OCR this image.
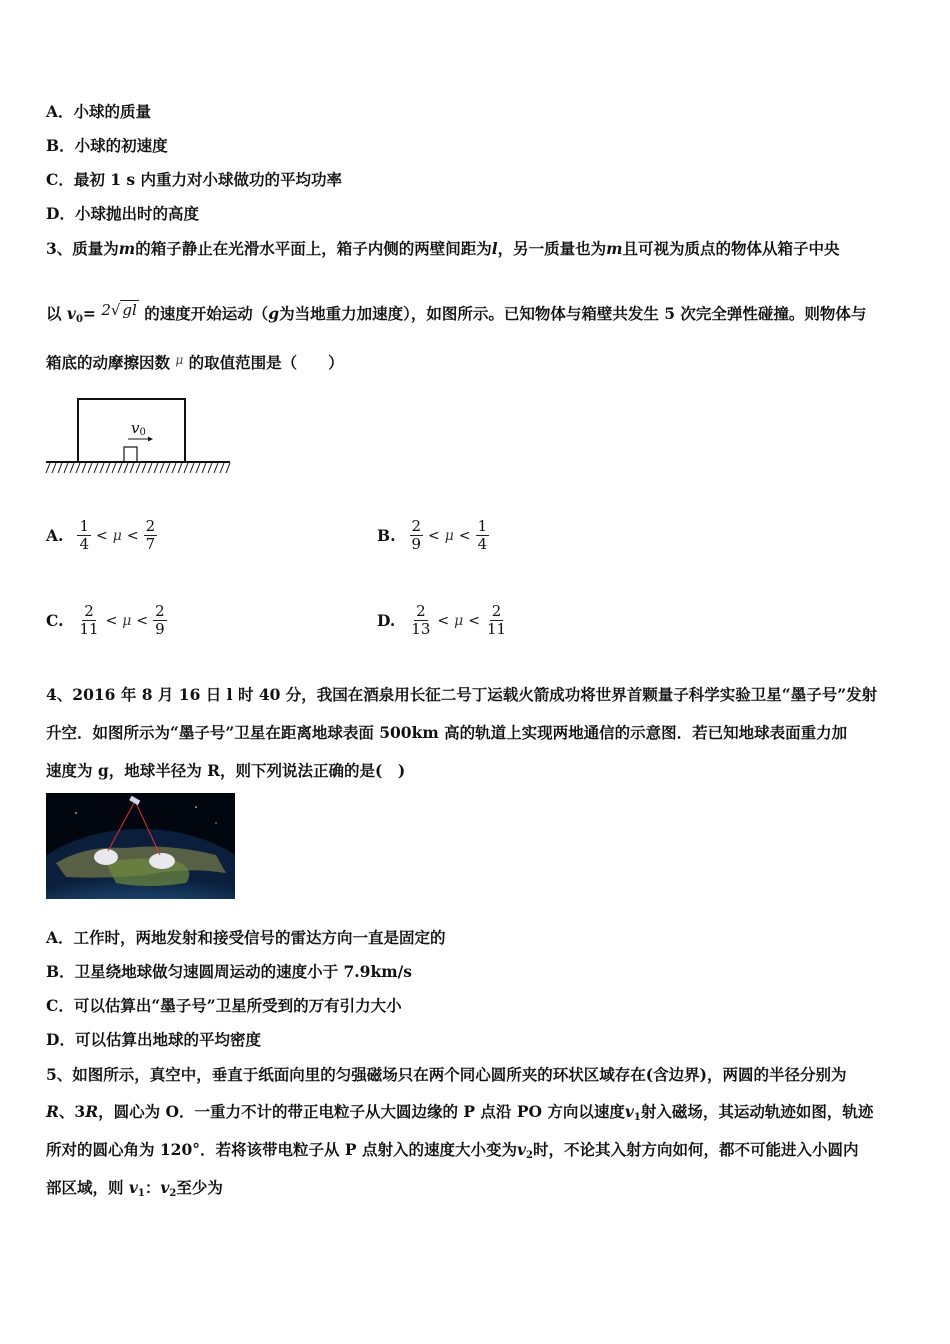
A．小球的质量
B．小球的初速度
C．最初 1 s 内重力对小球做功的平均功率
D．小球抛出时的高度
3、质量为m的箱子静止在光滑水平面上，箱子内侧的两壁间距为l，另一质量也为m且可视为质点的物体从箱子中央
以 $v_0= 2√$ gl 的速度开始运动（g为当地重力加速度），如图所示。已知物体与箱壁共发生 5 次完全弹性碰撞。则物体与
箱底的动摩擦因数 $^\mu$ 的取值范围是（　　）
v0
A. $\frac{1}{4} < \mu < \frac{2}{7}$	B. $\frac{2}{9} < \mu < \frac{1}{4}$
C. $\frac{2}{11} < \mu < \frac{2}{9}$	D. $\frac{2}{13} < \mu < \frac{2}{11}$
4、2016 年 8 月 16 日 l 时 40 分，我国在酒泉用长征二号丁运载火箭成功将世界首颗量子科学实验卫星“墨子号”发射
升空．如图所示为“墨子号”卫星在距离地球表面 500km 高的轨道上实现两地通信的示意图．若已知地球表面重力加
速度为 g，地球半径为 R，则下列说法正确的是(　)
A．工作时，两地发射和接受信号的雷达方向一直是固定的
B．卫星绕地球做匀速圆周运动的速度小于 7.9km/s
C．可以估算出“墨子号”卫星所受到的万有引力大小
D．可以估算出地球的平均密度
5、如图所示，真空中，垂直于纸面向里的匀强磁场只在两个同心圆所夹的环状区域存在(含边界)，两圆的半径分别为
R、3R，圆心为 O．一重力不计的带正电粒子从大圆边缘的 P 点沿 PO 方向以速度$v_1$射入磁场，其运动轨迹如图，轨迹
所对的圆心角为 120°．若将该带电粒子从 P 点射入的速度大小变为$v_2$时，不论其入射方向如何，都不可能进入小圆内
部区域，则 $v_1$：$v_2$至少为
